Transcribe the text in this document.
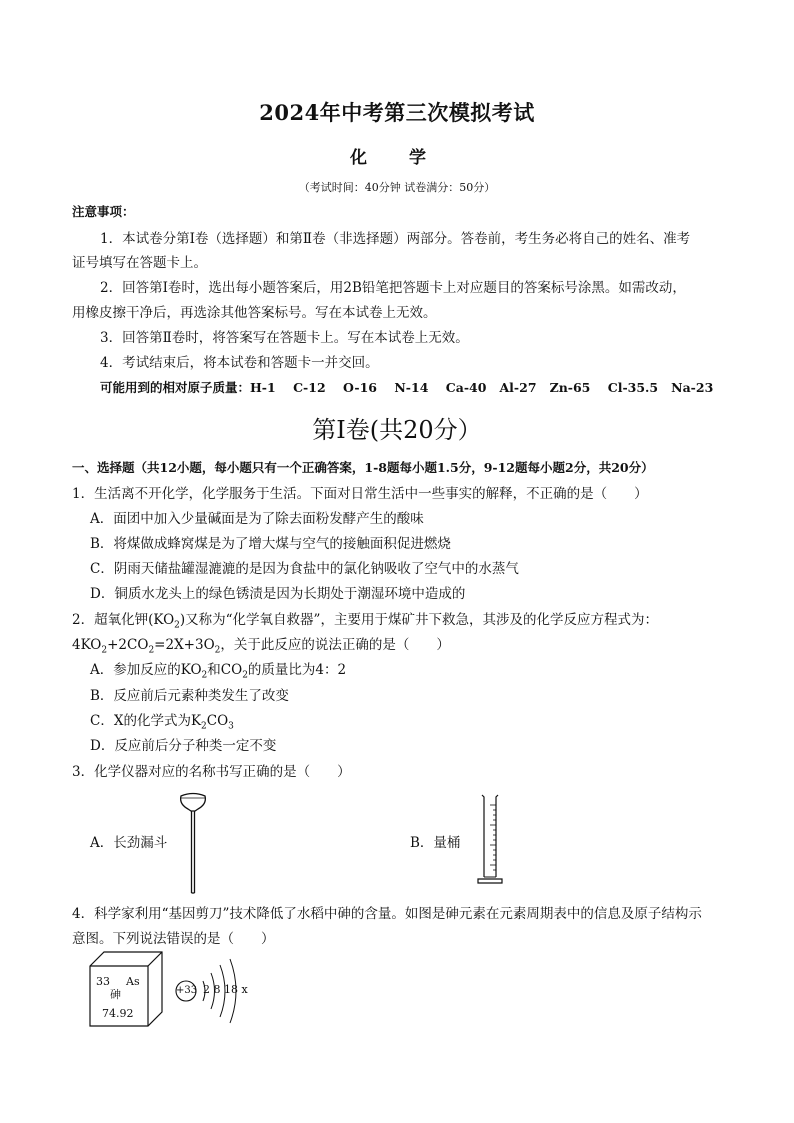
2024年中考第三次模拟考试
化 学
（考试时间：40分钟 试卷满分：50分）
注意事项：
1．本试卷分第Ⅰ卷（选择题）和第Ⅱ卷（非选择题）两部分。答卷前，考生务必将自己的姓名、准考
证号填写在答题卡上。
2．回答第Ⅰ卷时，选出每小题答案后，用2B铅笔把答题卡上对应题目的答案标号涂黑。如需改动，
用橡皮擦干净后，再选涂其他答案标号。写在本试卷上无效。
3．回答第Ⅱ卷时，将答案写在答题卡上。写在本试卷上无效。
4．考试结束后，将本试卷和答题卡一并交回。
可能用到的相对原子质量：H-1    C-12    O-16    N-14    Ca-40   Al-27   Zn-65    Cl-35.5   Na-23
第Ⅰ卷(共20分）
一、选择题（共12小题，每小题只有一个正确答案，1-8题每小题1.5分，9-12题每小题2分，共20分）
1．生活离不开化学，化学服务于生活。下面对日常生活中一些事实的解释，不正确的是（　　）
A．面团中加入少量碱面是为了除去面粉发酵产生的酸味
B．将煤做成蜂窝煤是为了增大煤与空气的接触面积促进燃烧
C．阴雨天储盐罐湿漉漉的是因为食盐中的氯化钠吸收了空气中的水蒸气
D．铜质水龙头上的绿色锈渍是因为长期处于潮湿环境中造成的
2．超氧化钾$(KO_2)$又称为“化学氧自救器”，主要用于煤矿井下救急，其涉及的化学反应方程式为：
$4KO_2+2CO_2=2X+3O_2$，关于此反应的说法正确的是（　　）
A．参加反应的$KO_2$和$CO_2$的质量比为4：2
B．反应前后元素种类发生了改变
C．X的化学式为$K_2CO_3$
D．反应前后分子种类一定不变
3．化学仪器对应的名称书写正确的是（　　）
A．长劲漏斗	B．量桶
4．科学家利用“基因剪刀”技术降低了水稻中砷的含量。如图是砷元素在元素周期表中的信息及原子结构示
意图。下列说法错误的是（　　）
33 As
砷
74.92
+33 2 8 18 x
